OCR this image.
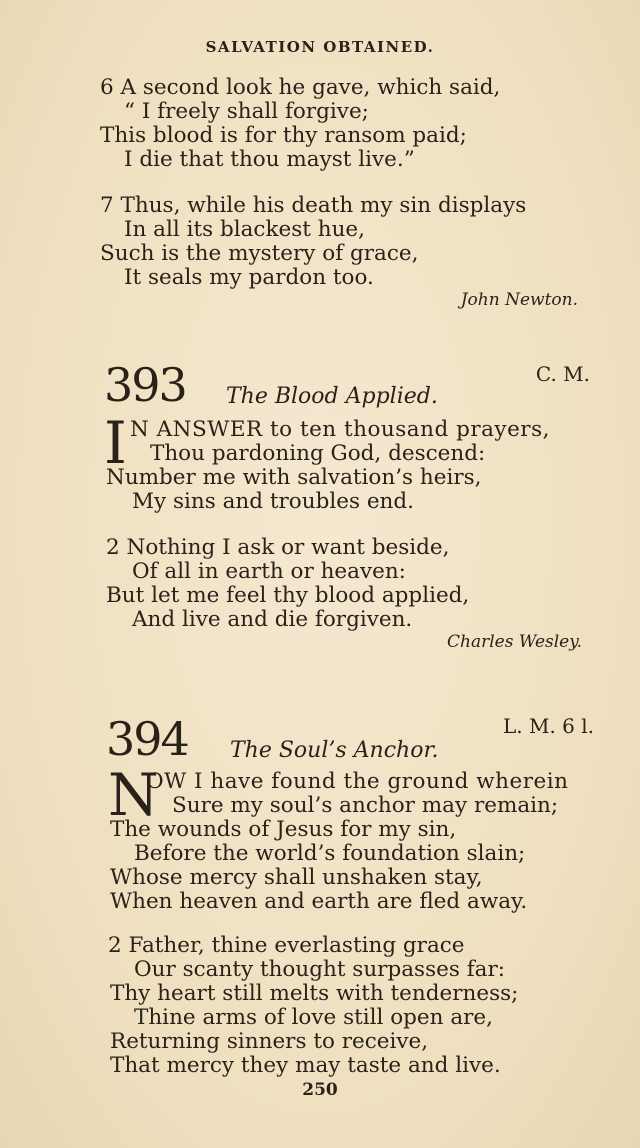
SALVATION OBTAINED.
6 A second look he gave, which said,
“ I freely shall forgive;
This blood is for thy ransom paid;
I die that thou mayst live.”
7 Thus, while his death my sin displays
In all its blackest hue,
Such is the mystery of grace,
It seals my pardon too.
John Newton.
393	C. M.
The Blood Applied.
I N ANSWER to ten thousand prayers,
Thou pardoning God, descend:
Number me with salvation’s heirs,
My sins and troubles end.
2 Nothing I ask or want beside,
Of all in earth or heaven:
But let me feel thy blood applied,
And live and die forgiven.
Charles Wesley.
394	L. M. 6 l.
The Soul’s Anchor.
N
OW I have found the ground wherein
Sure my soul’s anchor may remain;
The wounds of Jesus for my sin,
Before the world’s foundation slain;
Whose mercy shall unshaken stay,
When heaven and earth are fled away.
2 Father, thine everlasting grace
Our scanty thought surpasses far:
Thy heart still melts with tenderness;
Thine arms of love still open are,
Returning sinners to receive,
That mercy they may taste and live.
250
